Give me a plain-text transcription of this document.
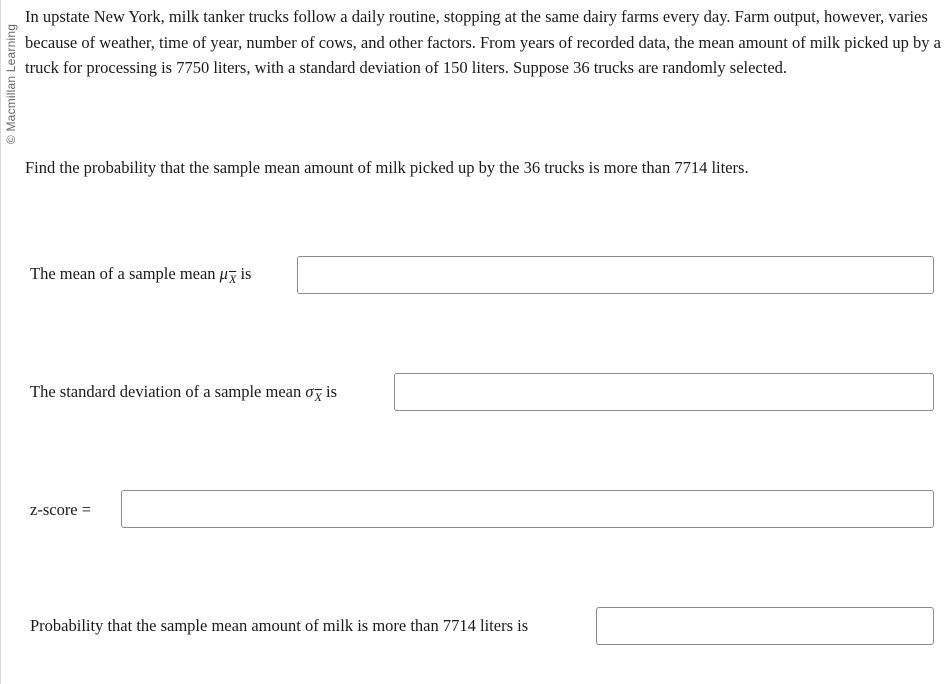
© Macmillan Learning

In upstate New York, milk tanker trucks follow a daily routine, stopping at the same dairy farms every day. Farm output, however, varies because of weather, time of year, number of cows, and other factors. From years of recorded data, the mean amount of milk picked up by a truck for processing is 7750 liters, with a standard deviation of 150 liters. Suppose 36 trucks are randomly selected.

Find the probability that the sample mean amount of milk picked up by the 36 trucks is more than 7714 liters.

The mean of a sample mean $\mu_{\overline{X}}$ is
The standard deviation of a sample mean $\sigma_{\overline{X}}$ is
z-score =
Probability that the sample mean amount of milk is more than 7714 liters is
